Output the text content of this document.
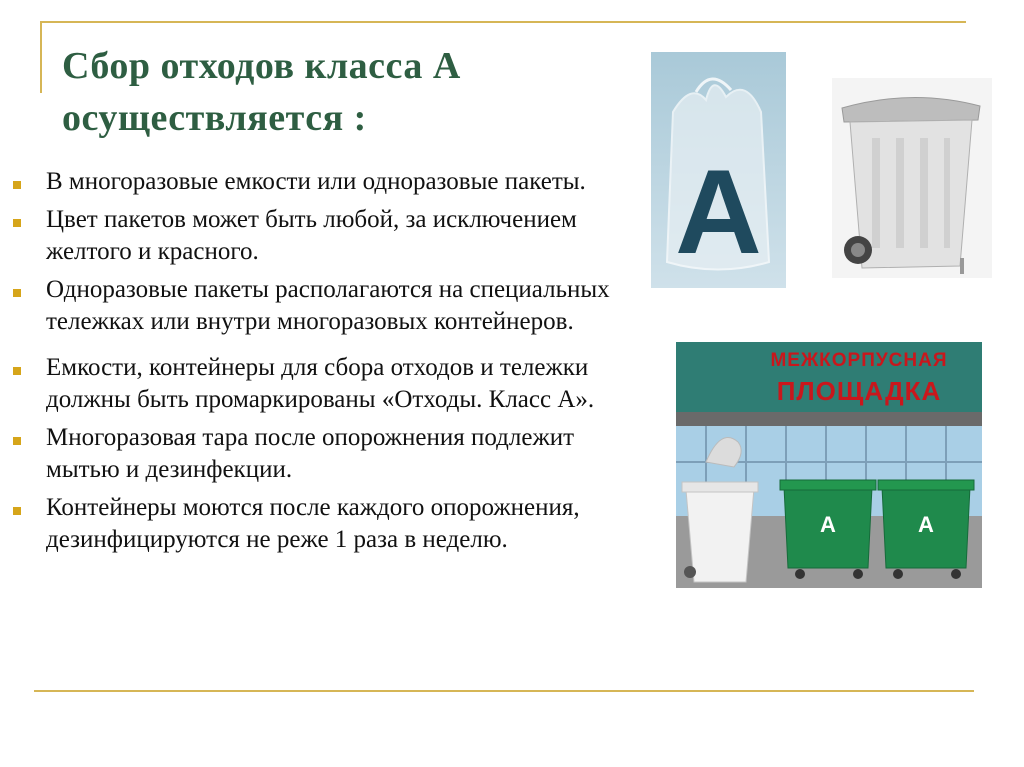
Сбор отходов класса А осуществляется :
В многоразовые емкости или одноразовые пакеты.
Цвет пакетов может быть любой, за исключением желтого и красного.
Одноразовые пакеты располагаются на специальных тележках или внутри многоразовых контейнеров.
Емкости, контейнеры для сбора отходов и тележки должны быть промаркированы «Отходы. Класс А».
Многоразовая тара после опорожнения подлежит мытью и дезинфекции.
Контейнеры моются после каждого опорожнения, дезинфицируются не реже 1 раза в неделю.
А
МЕЖКОРПУСНАЯ
ПЛОЩАДКА
А	А
